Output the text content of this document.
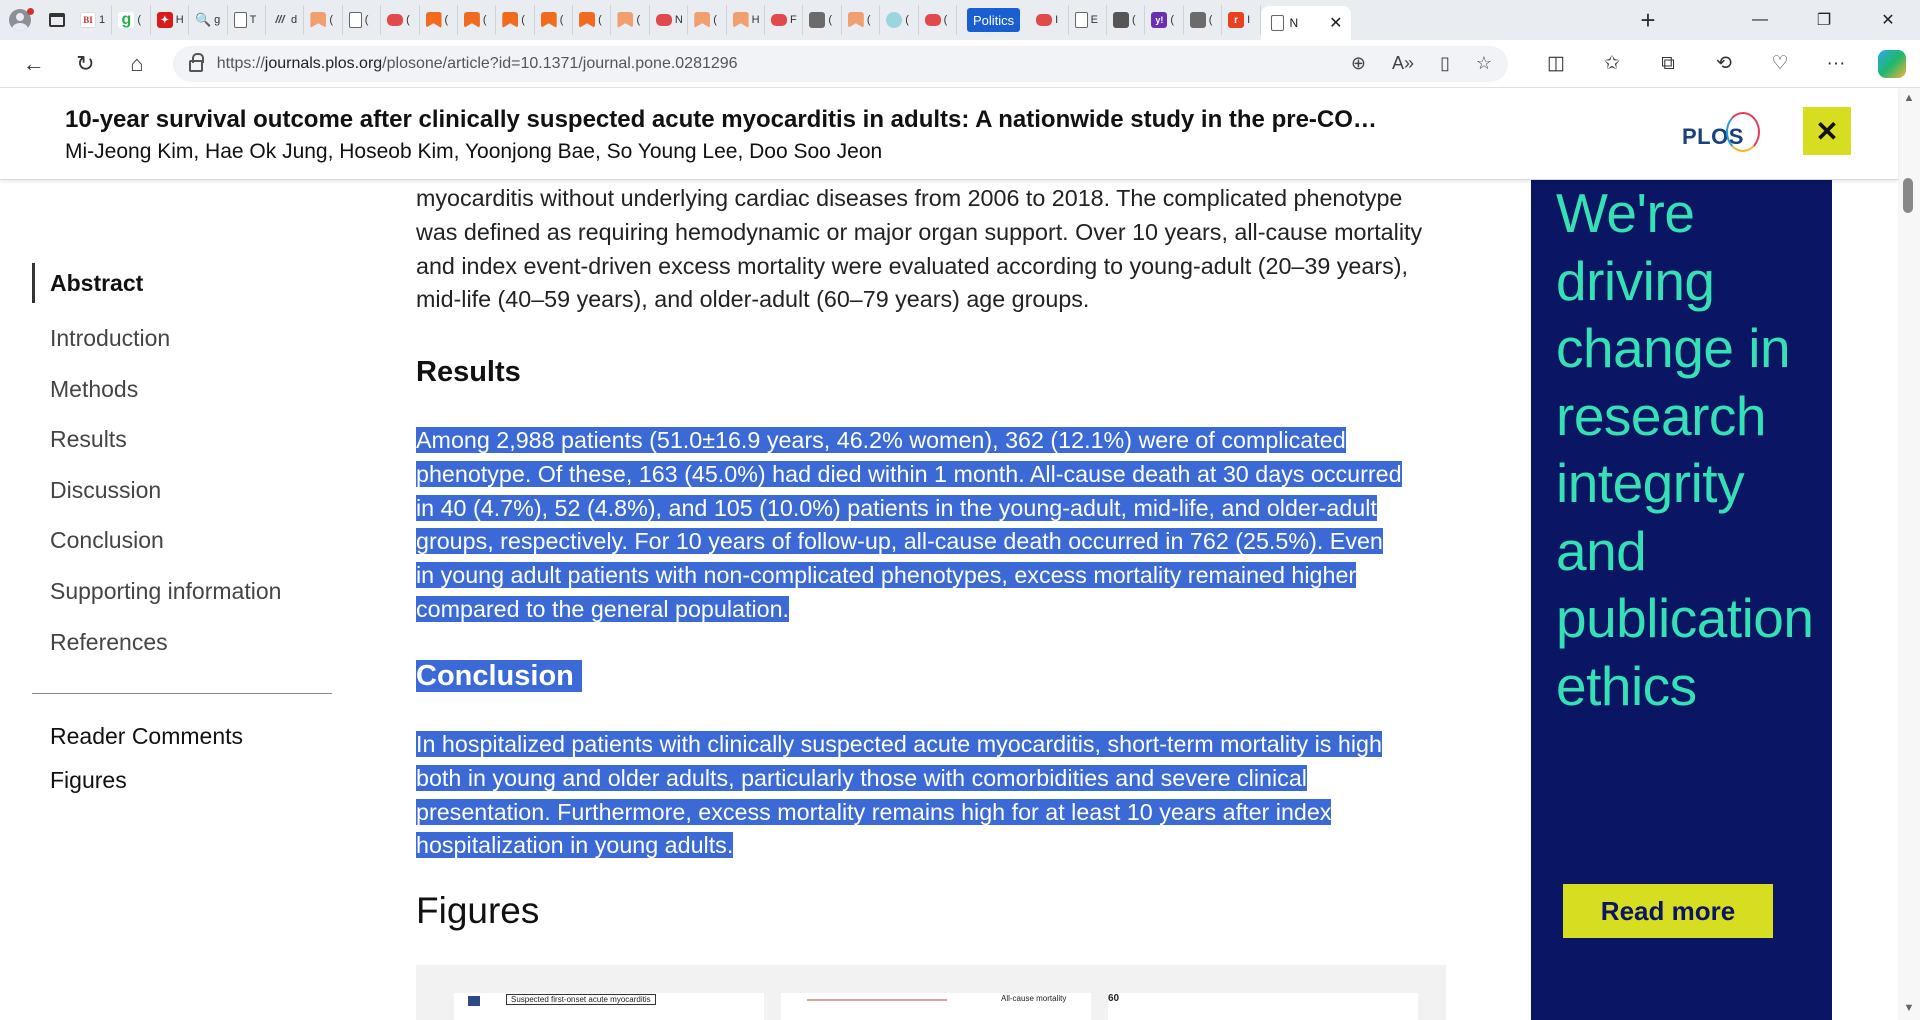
BI 1 g (	✦ H 🔍 g	T	/// d	(	(	(	(	(	(	(	(	(	N	(	H	F	(	(	(	(	Politics	I	E	(	y! (	(	r I	N ✕	+	—	❐	✕
←	↻	⌂	https://journals.plos.org/plosone/article?id=10.1371/journal.pone.0281296	⊕ A» ▯ ☆	◫	✩	⧉	⟲	♡	···
Abstract
Introduction
Methods
Results
Discussion
Conclusion
Supporting information
References
Reader Comments
Figures
myocarditis without underlying cardiac diseases from 2006 to 2018. The complicated phenotype was defined as requiring hemodynamic or major organ support. Over 10 years, all-cause mortality and index event-driven excess mortality were evaluated according to young-adult (20–39 years), mid-life (40–59 years), and older-adult (60–79 years) age groups.
Results
Among 2,988 patients (51.0±16.9 years, 46.2% women), 362 (12.1%) were of complicated
phenotype. Of these, 163 (45.0%) had died within 1 month. All-cause death at 30 days occurred
in 40 (4.7%), 52 (4.8%), and 105 (10.0%) patients in the young-adult, mid-life, and older-adult
groups, respectively. For 10 years of follow-up, all-cause death occurred in 762 (25.5%). Even
in young adult patients with non-complicated phenotypes, excess mortality remained higher
compared to the general population.
Conclusion
In hospitalized patients with clinically suspected acute myocarditis, short-term mortality is high
both in young and older adults, particularly those with comorbidities and severe clinical
presentation. Furthermore, excess mortality remains high for at least 10 years after index
hospitalization in young adults.
Figures
Suspected first-onset acute myocarditis	All-cause mortality	60
We're driving change in research integrity and publication ethics
Read more
10-year survival outcome after clinically suspected acute myocarditis in adults: A nationwide study in the pre-CO…
Mi-Jeong Kim, Hae Ok Jung, Hoseob Kim, Yoonjong Bae, So Young Lee, Doo Soo Jeon
PLOS	✕
▲
▼
